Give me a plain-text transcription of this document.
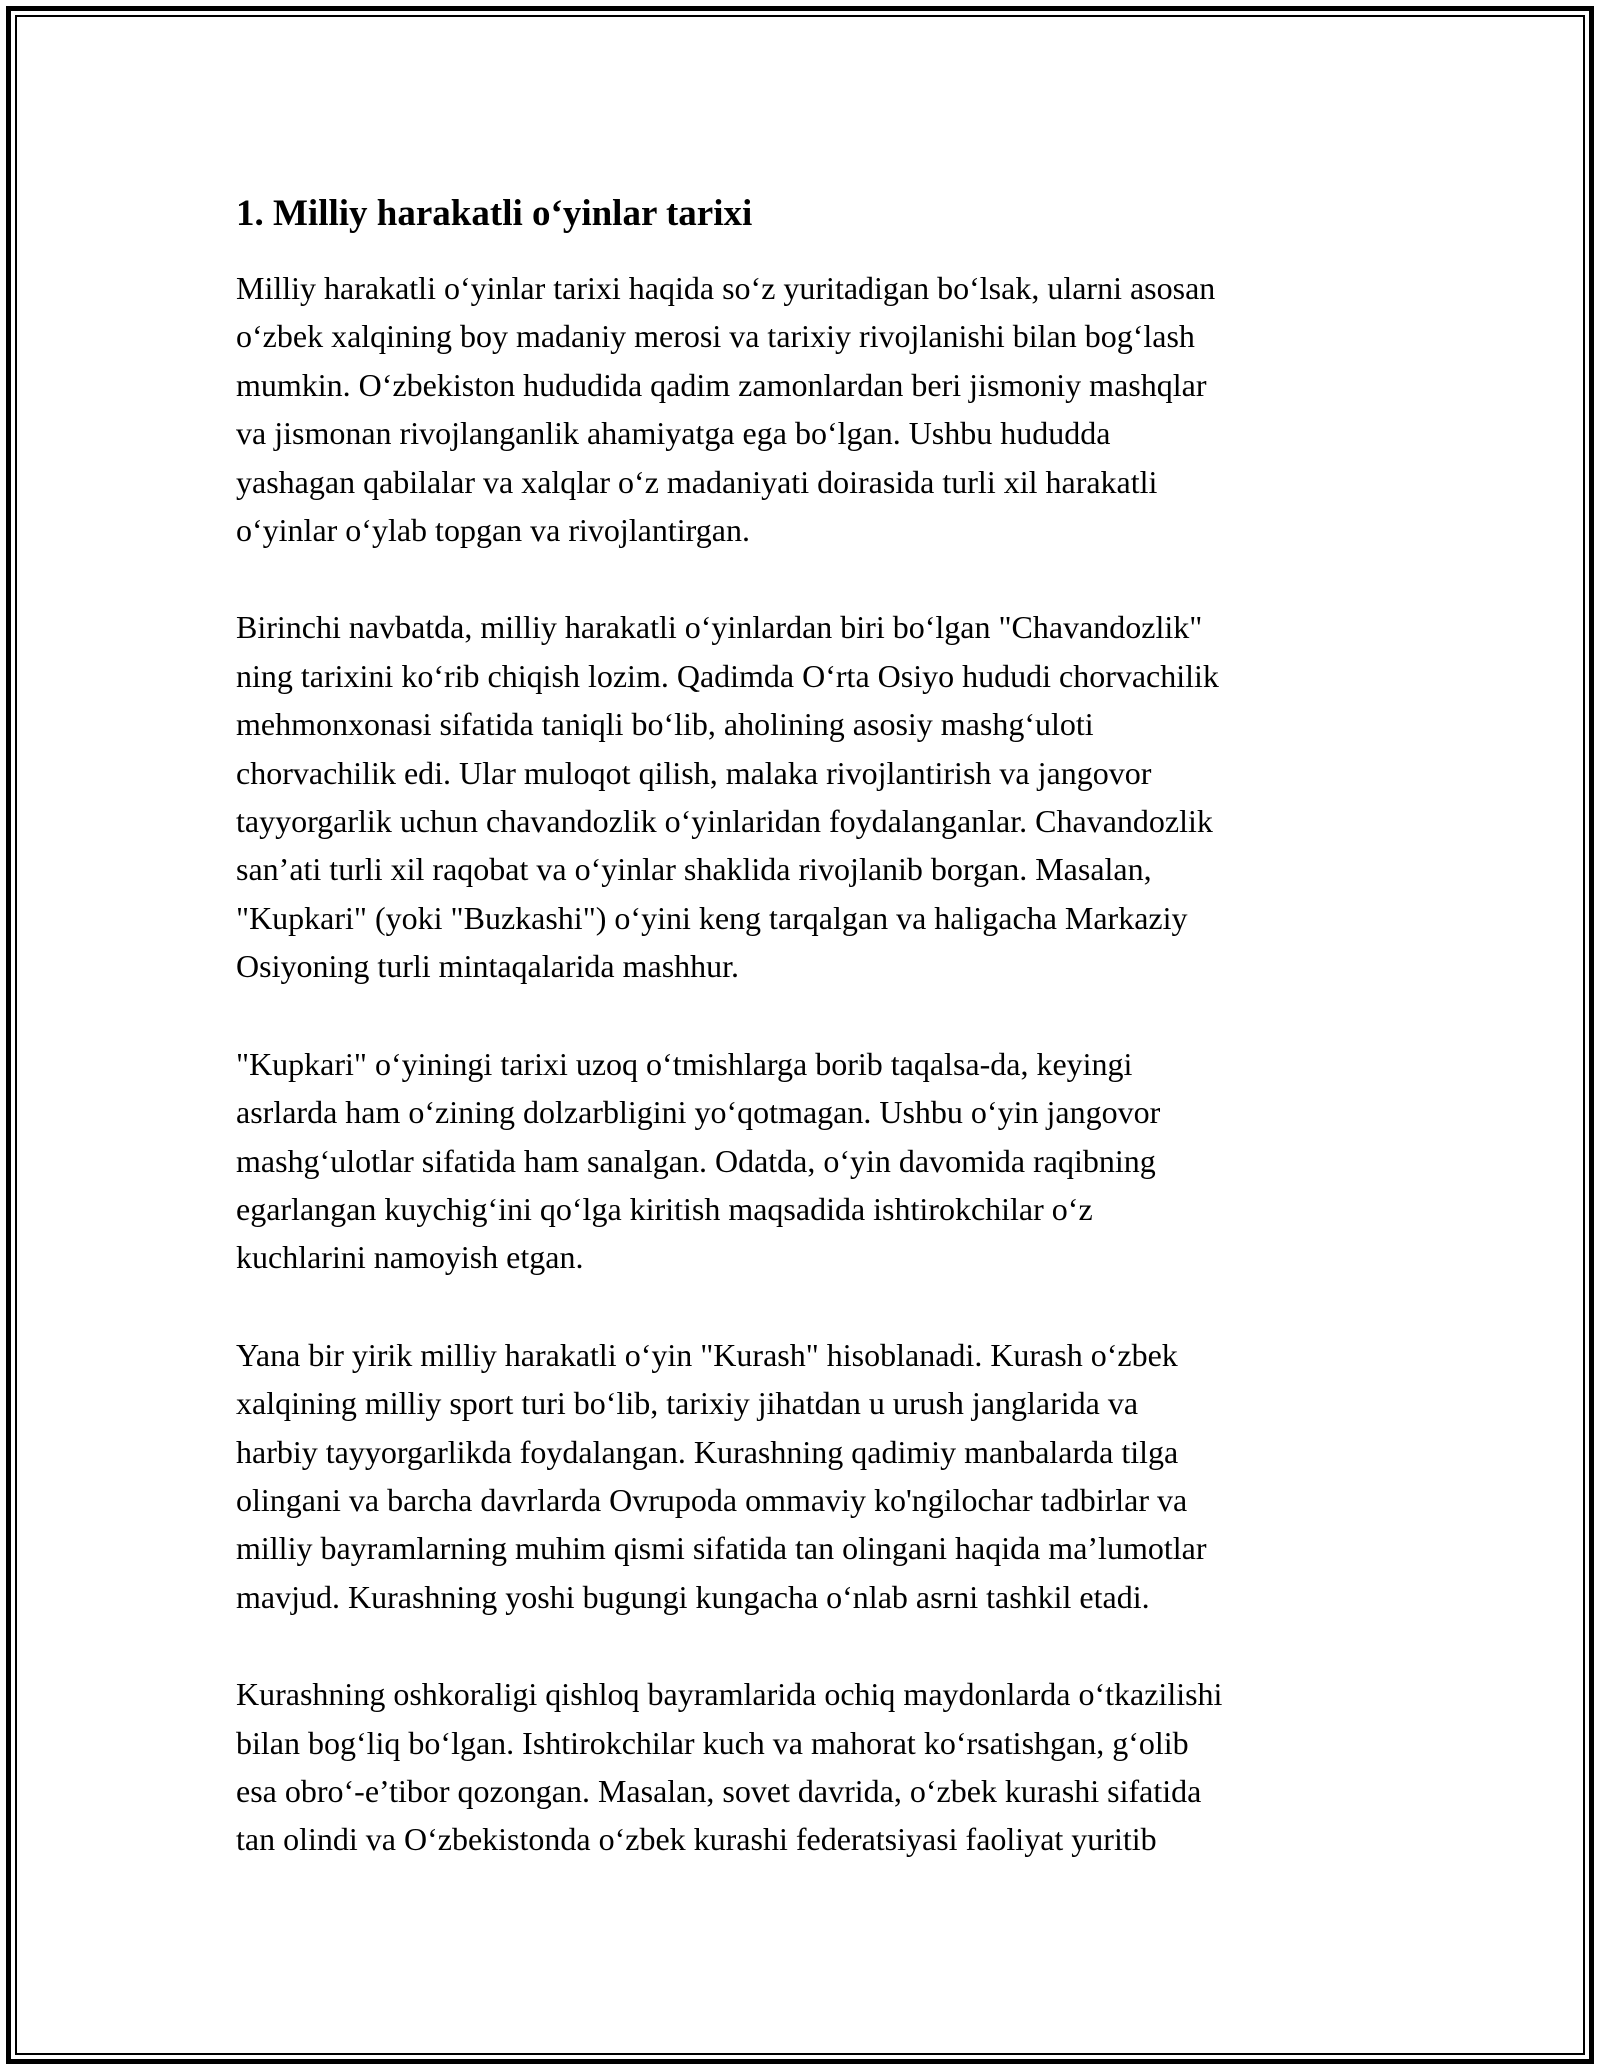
1. Milliy harakatli o‘yinlar tarixi

Milliy harakatli o‘yinlar tarixi haqida so‘z yuritadigan bo‘lsak, ularni asosan
o‘zbek xalqining boy madaniy merosi va tarixiy rivojlanishi bilan bog‘lash
mumkin. O‘zbekiston hududida qadim zamonlardan beri jismoniy mashqlar
va jismonan rivojlanganlik ahamiyatga ega bo‘lgan. Ushbu hududda
yashagan qabilalar va xalqlar o‘z madaniyati doirasida turli xil harakatli
o‘yinlar o‘ylab topgan va rivojlantirgan.

Birinchi navbatda, milliy harakatli o‘yinlardan biri bo‘lgan "Chavandozlik"
ning tarixini ko‘rib chiqish lozim. Qadimda O‘rta Osiyo hududi chorvachilik
mehmonxonasi sifatida taniqli bo‘lib, aholining asosiy mashg‘uloti
chorvachilik edi. Ular muloqot qilish, malaka rivojlantirish va jangovor
tayyorgarlik uchun chavandozlik o‘yinlaridan foydalanganlar. Chavandozlik
san’ati turli xil raqobat va o‘yinlar shaklida rivojlanib borgan. Masalan,
"Kupkari" (yoki "Buzkashi") o‘yini keng tarqalgan va haligacha Markaziy
Osiyoning turli mintaqalarida mashhur.

"Kupkari" o‘yiningi tarixi uzoq o‘tmishlarga borib taqalsa-da, keyingi
asrlarda ham o‘zining dolzarbligini yo‘qotmagan. Ushbu o‘yin jangovor
mashg‘ulotlar sifatida ham sanalgan. Odatda, o‘yin davomida raqibning
egarlangan kuychig‘ini qo‘lga kiritish maqsadida ishtirokchilar o‘z
kuchlarini namoyish etgan.

Yana bir yirik milliy harakatli o‘yin "Kurash" hisoblanadi. Kurash o‘zbek
xalqining milliy sport turi bo‘lib, tarixiy jihatdan u urush janglarida va
harbiy tayyorgarlikda foydalangan. Kurashning qadimiy manbalarda tilga
olingani va barcha davrlarda Ovrupoda ommaviy ko'ngilochar tadbirlar va
milliy bayramlarning muhim qismi sifatida tan olingani haqida ma’lumotlar
mavjud. Kurashning yoshi bugungi kungacha o‘nlab asrni tashkil etadi.

Kurashning oshkoraligi qishloq bayramlarida ochiq maydonlarda o‘tkazilishi
bilan bog‘liq bo‘lgan. Ishtirokchilar kuch va mahorat ko‘rsatishgan, g‘olib
esa obro‘-e’tibor qozongan. Masalan, sovet davrida, o‘zbek kurashi sifatida
tan olindi va O‘zbekistonda o‘zbek kurashi federatsiyasi faoliyat yuritib
